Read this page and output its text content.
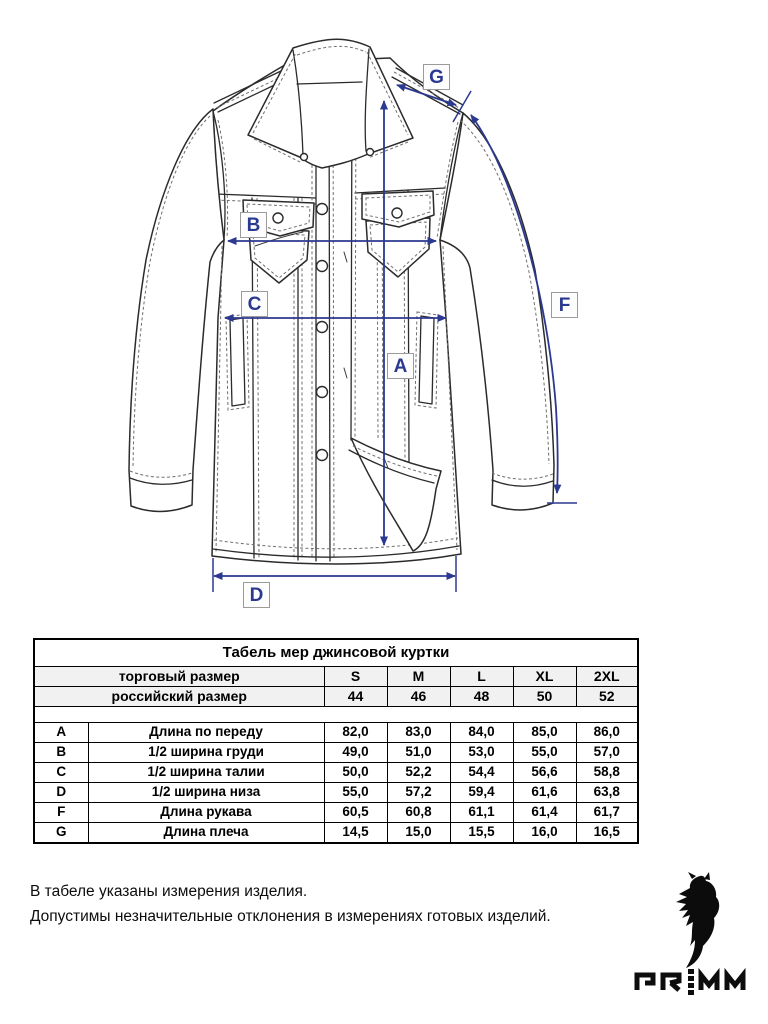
G
B
C
A
F
D
Табель мер джинсовой куртки						
торговый размер		S	M	L	XL	2XL
российский размер		44	46	48	50	52

A	Длина по переду	82,0	83,0	84,0	85,0	86,0
B	1/2 ширина груди	49,0	51,0	53,0	55,0	57,0
C	1/2 ширина талии	50,0	52,2	54,4	56,6	58,8
D	1/2 ширина низа	55,0	57,2	59,4	61,6	63,8
F	Длина рукава	60,5	60,8	61,1	61,4	61,7
G	Длина плеча	14,5	15,0	15,5	16,0	16,5
В табеле указаны измерения изделия.
Допустимы незначительные отклонения в измерениях готовых изделий.
